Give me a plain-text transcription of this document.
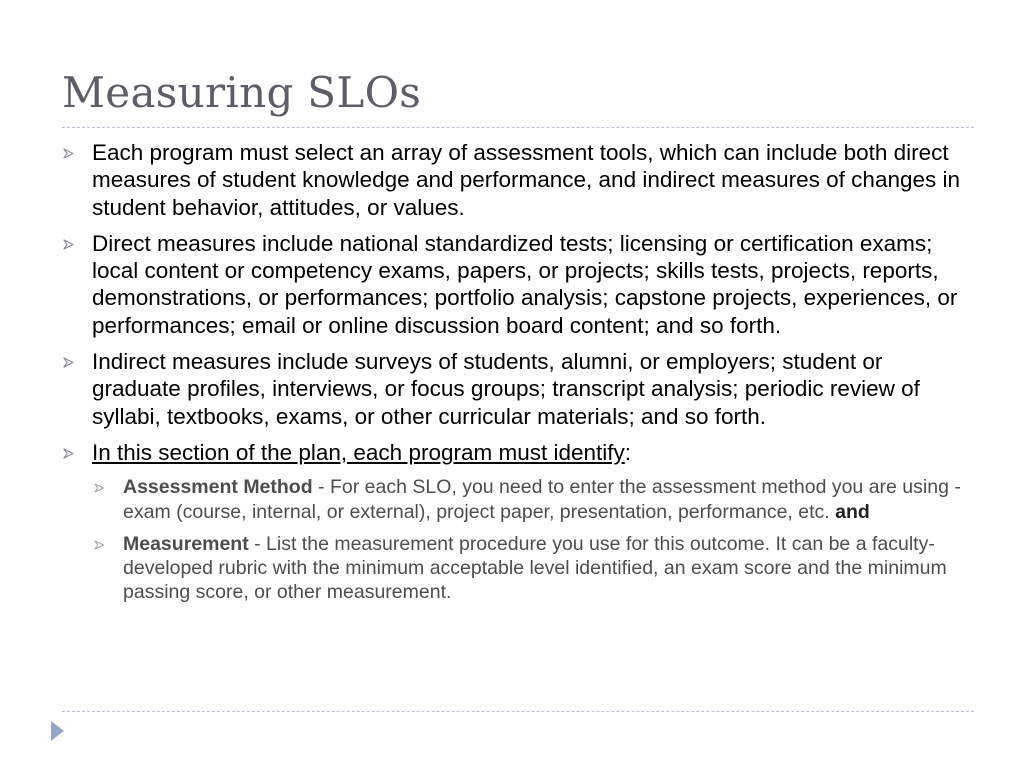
Measuring SLOs
Each program must select an array of assessment tools, which can include both direct measures of student knowledge and performance, and indirect measures of changes in student behavior, attitudes, or values.
Direct measures include national standardized tests; licensing or certification exams; local content or competency exams, papers, or projects; skills tests, projects, reports, demonstrations, or performances; portfolio analysis; capstone projects, experiences, or performances; email or online discussion board content; and so forth.
Indirect measures include surveys of students, alumni, or employers; student or graduate profiles, interviews, or focus groups; transcript analysis; periodic review of syllabi, textbooks, exams, or other curricular materials; and so forth.
In this section of the plan, each program must identify:
Assessment Method - For each SLO, you need to enter the assessment method you are using - exam (course, internal, or external), project paper, presentation, performance, etc. and
Measurement - List the measurement procedure you use for this outcome. It can be a faculty-developed rubric with the minimum acceptable level identified, an exam score and the minimum passing score, or other measurement.
